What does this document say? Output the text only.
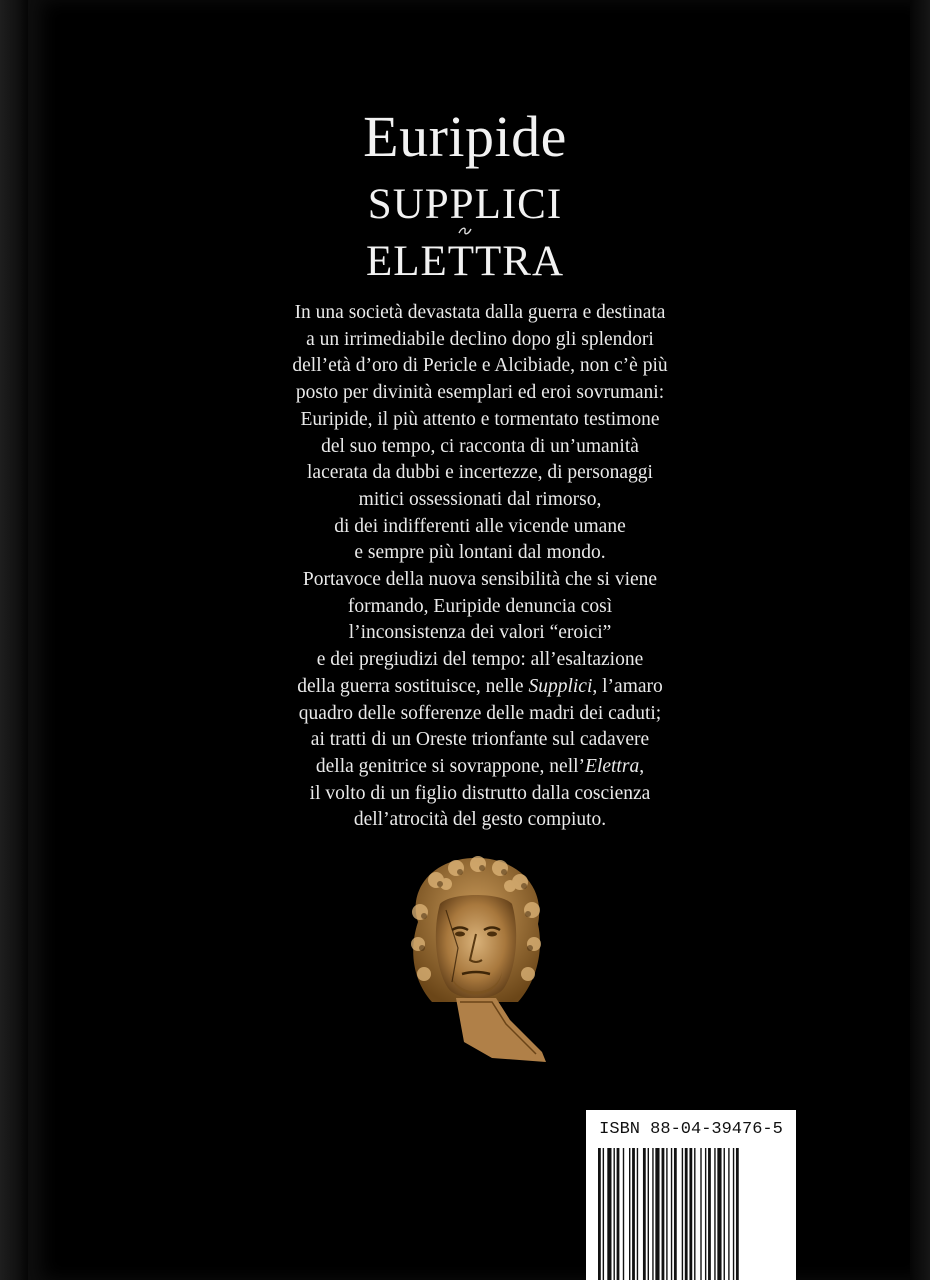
Euripide
SUPPLICI
ELETTRA
In una società devastata dalla guerra e destinata
a un irrimediabile declino dopo gli splendori
dell’età d’oro di Pericle e Alcibiade, non c’è più
posto per divinità esemplari ed eroi sovrumani:
Euripide, il più attento e tormentato testimone
del suo tempo, ci racconta di un’umanità
lacerata da dubbi e incertezze, di personaggi
mitici ossessionati dal rimorso,
di dei indifferenti alle vicende umane
e sempre più lontani dal mondo.
Portavoce della nuova sensibilità che si viene
formando, Euripide denuncia così
l’inconsistenza dei valori “eroici”
e dei pregiudizi del tempo: all’esaltazione
della guerra sostituisce, nelle Supplici, l’amaro
quadro delle sofferenze delle madri dei caduti;
ai tratti di un Oreste trionfante sul cadavere
della genitrice si sovrappone, nell’Elettra,
il volto di un figlio distrutto dalla coscienza
dell’atrocità del gesto compiuto.
ISBN 88-04-39476-5
